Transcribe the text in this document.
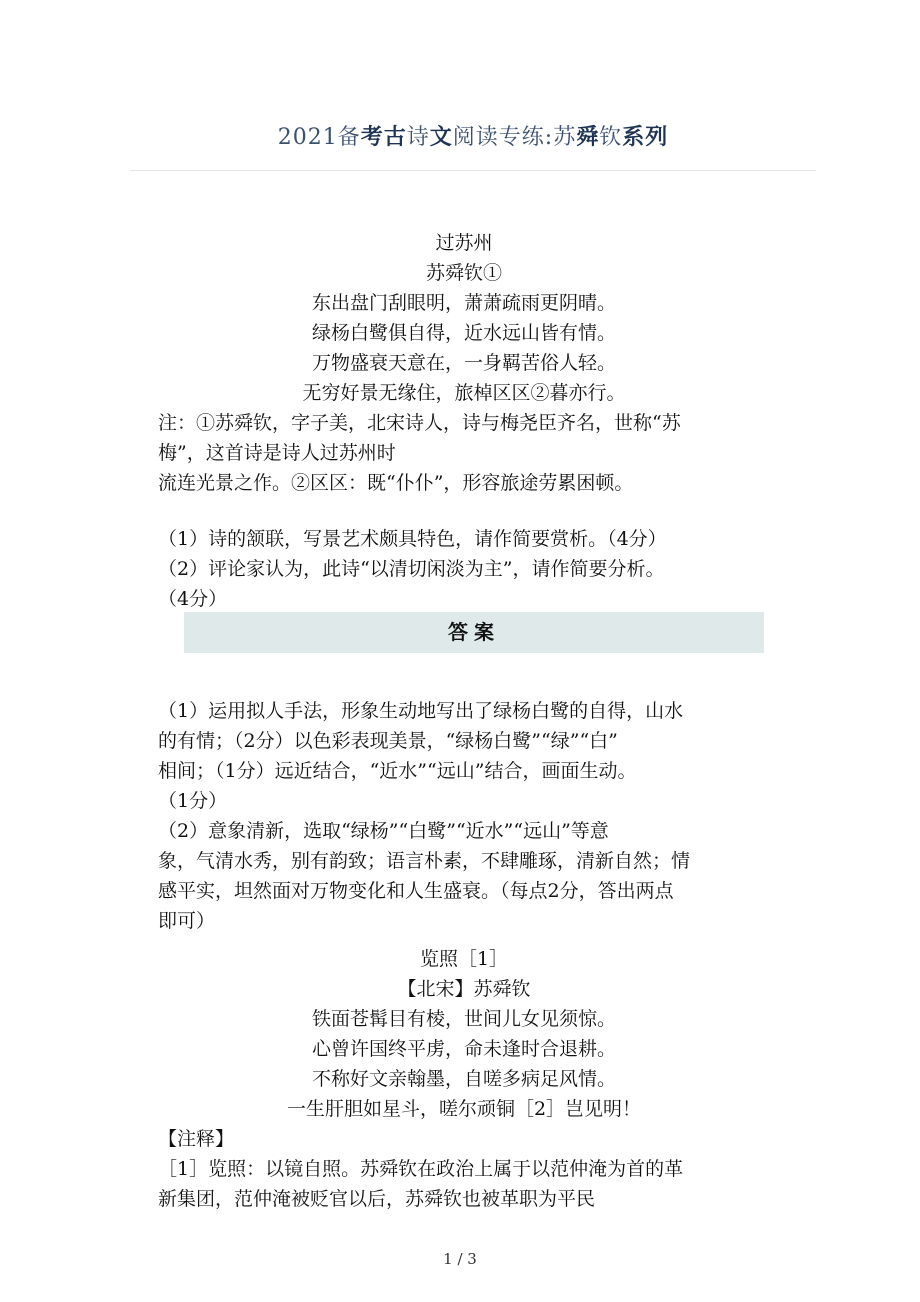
2021备考古诗文阅读专练:苏舜钦系列
过苏州
苏舜钦①
东出盘门刮眼明，萧萧疏雨更阴晴。
绿杨白鹭俱自得，近水远山皆有情。
万物盛衰天意在，一身羁苦俗人轻。
无穷好景无缘住，旅棹区区②暮亦行。
注：①苏舜钦，字子美，北宋诗人，诗与梅尧臣齐名，世称“苏
梅”，这首诗是诗人过苏州时
流连光景之作。②区区：既“仆仆”，形容旅途劳累困顿。
（1）诗的颔联，写景艺术颇具特色，请作简要赏析。（4分）
（2）评论家认为，此诗“以清切闲淡为主”，请作简要分析。
（4分）
答案
（1）运用拟人手法，形象生动地写出了绿杨白鹭的自得，山水
的有情；（2分）以色彩表现美景，“绿杨白鹭”“绿”“白”
相间；（1分）远近结合，“近水”“远山”结合，画面生动。
（1分）
（2）意象清新，选取“绿杨”“白鹭”“近水”“远山”等意
象，气清水秀，别有韵致；语言朴素，不肆雕琢，清新自然；情
感平实，坦然面对万物变化和人生盛衰。（每点2分，答出两点
即可）
览照［1］
【北宋】苏舜钦
铁面苍髯目有棱，世间儿女见须惊。
心曾许国终平虏，命未逢时合退耕。
不称好文亲翰墨，自嗟多病足风情。
一生肝胆如星斗，嗟尔顽铜［2］岂见明！
【注释】
［1］览照：以镜自照。苏舜钦在政治上属于以范仲淹为首的革
新集团，范仲淹被贬官以后，苏舜钦也被革职为平民
1 / 3
